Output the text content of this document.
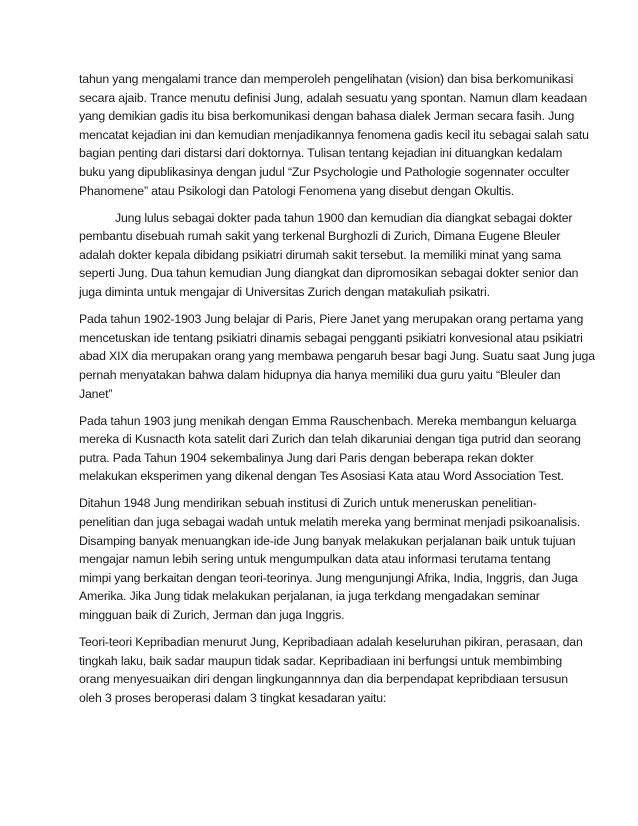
tahun yang mengalami trance dan memperoleh pengelihatan (vision) dan bisa berkomunikasi
secara ajaib. Trance menutu definisi Jung, adalah sesuatu yang spontan. Namun dlam keadaan
yang demikian gadis itu bisa berkomunikasi dengan bahasa dialek Jerman secara fasih. Jung
mencatat kejadian ini dan kemudian menjadikannya fenomena gadis kecil itu sebagai salah satu
bagian penting dari distarsi dari doktornya. Tulisan tentang kejadian ini dituangkan kedalam
buku yang dipublikasinya dengan judul “Zur Psychologie und Pathologie sogennater occulter
Phanomene” atau Psikologi dan Patologi Fenomena yang disebut dengan Okultis.

Jung lulus sebagai dokter pada tahun 1900 dan kemudian dia diangkat sebagai dokter
pembantu disebuah rumah sakit yang terkenal Burghozli di Zurich, Dimana Eugene Bleuler
adalah dokter kepala dibidang psikiatri dirumah sakit tersebut. Ia memiliki minat yang sama
seperti Jung. Dua tahun kemudian Jung diangkat dan dipromosikan sebagai dokter senior dan
juga diminta untuk mengajar di Universitas Zurich dengan matakuliah psikatri.

Pada tahun 1902-1903 Jung belajar di Paris, Piere Janet yang merupakan orang pertama yang
mencetuskan ide tentang psikiatri dinamis sebagai pengganti psikiatri konvesional atau psikiatri
abad XIX dia merupakan orang yang membawa pengaruh besar bagi Jung. Suatu saat Jung juga
pernah menyatakan bahwa dalam hidupnya dia hanya memiliki dua guru yaitu “Bleuler dan
Janet”

Pada tahun 1903 jung menikah dengan Emma Rauschenbach. Mereka membangun keluarga
mereka di Kusnacth kota satelit dari Zurich dan telah dikaruniai dengan tiga putrid dan seorang
putra. Pada Tahun 1904 sekembalinya Jung dari Paris dengan beberapa rekan dokter
melakukan eksperimen yang dikenal dengan Tes Asosiasi Kata atau Word Association Test.

Ditahun 1948 Jung mendirikan sebuah institusi di Zurich untuk meneruskan penelitian-
penelitian dan juga sebagai wadah untuk melatih mereka yang berminat menjadi psikoanalisis.
Disamping banyak menuangkan ide-ide Jung banyak melakukan perjalanan baik untuk tujuan
mengajar namun lebih sering untuk mengumpulkan data atau informasi terutama tentang
mimpi yang berkaitan dengan teori-teorinya. Jung mengunjungi Afrika, India, Inggris, dan Juga
Amerika. Jika Jung tidak melakukan perjalanan, ia juga terkdang mengadakan seminar
mingguan baik di Zurich, Jerman dan juga Inggris.

Teori-teori Kepribadian menurut Jung, Kepribadiaan adalah keseluruhan pikiran, perasaan, dan
tingkah laku, baik sadar maupun tidak sadar. Kepribadiaan ini berfungsi untuk membimbing
orang menyesuaikan diri dengan lingkungannnya dan dia berpendapat kepribdiaan tersusun
oleh 3 proses beroperasi dalam 3 tingkat kesadaran yaitu:
